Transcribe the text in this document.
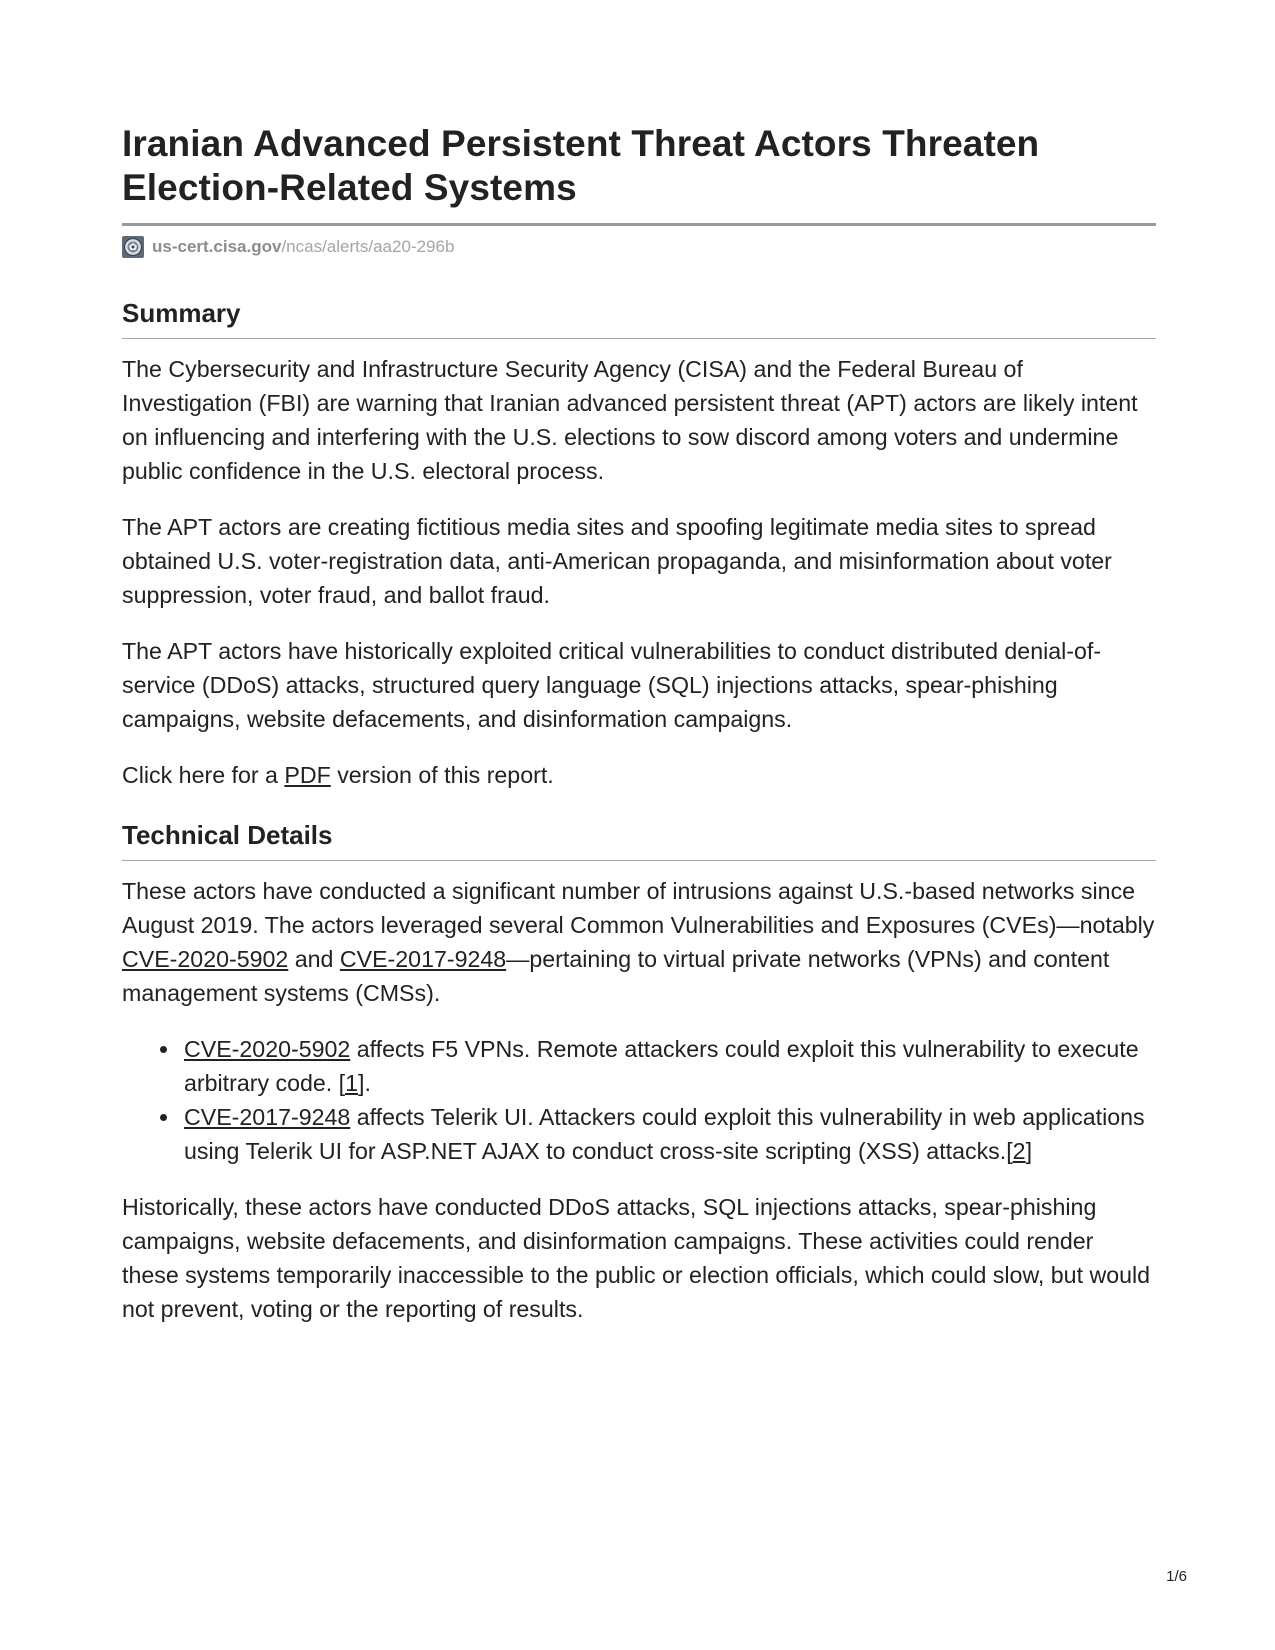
Iranian Advanced Persistent Threat Actors Threaten
Election-Related Systems
us-cert.cisa.gov /ncas/alerts/aa20-296b
Summary

The Cybersecurity and Infrastructure Security Agency (CISA) and the Federal Bureau of Investigation (FBI) are warning that Iranian advanced persistent threat (APT) actors are likely intent on influencing and interfering with the U.S. elections to sow discord among voters and undermine public confidence in the U.S. electoral process.

The APT actors are creating fictitious media sites and spoofing legitimate media sites to spread obtained U.S. voter-registration data, anti-American propaganda, and misinformation about voter suppression, voter fraud, and ballot fraud.

The APT actors have historically exploited critical vulnerabilities to conduct distributed denial-of-service (DDoS) attacks, structured query language (SQL) injections attacks, spear-phishing campaigns, website defacements, and disinformation campaigns.

Click here for a PDF version of this report.

Technical Details

These actors have conducted a significant number of intrusions against U.S.-based networks since August 2019. The actors leveraged several Common Vulnerabilities and Exposures (CVEs)—notably CVE-2020-5902 and CVE-2017-9248—pertaining to virtual private networks (VPNs) and content management systems (CMSs).

CVE-2020-5902 affects F5 VPNs. Remote attackers could exploit this vulnerability to execute arbitrary code. [1].
CVE-2017-9248 affects Telerik UI. Attackers could exploit this vulnerability in web applications using Telerik UI for ASP.NET AJAX to conduct cross-site scripting (XSS) attacks.[2]

Historically, these actors have conducted DDoS attacks, SQL injections attacks, spear-phishing campaigns, website defacements, and disinformation campaigns. These activities could render these systems temporarily inaccessible to the public or election officials, which could slow, but would not prevent, voting or the reporting of results.

1/6
